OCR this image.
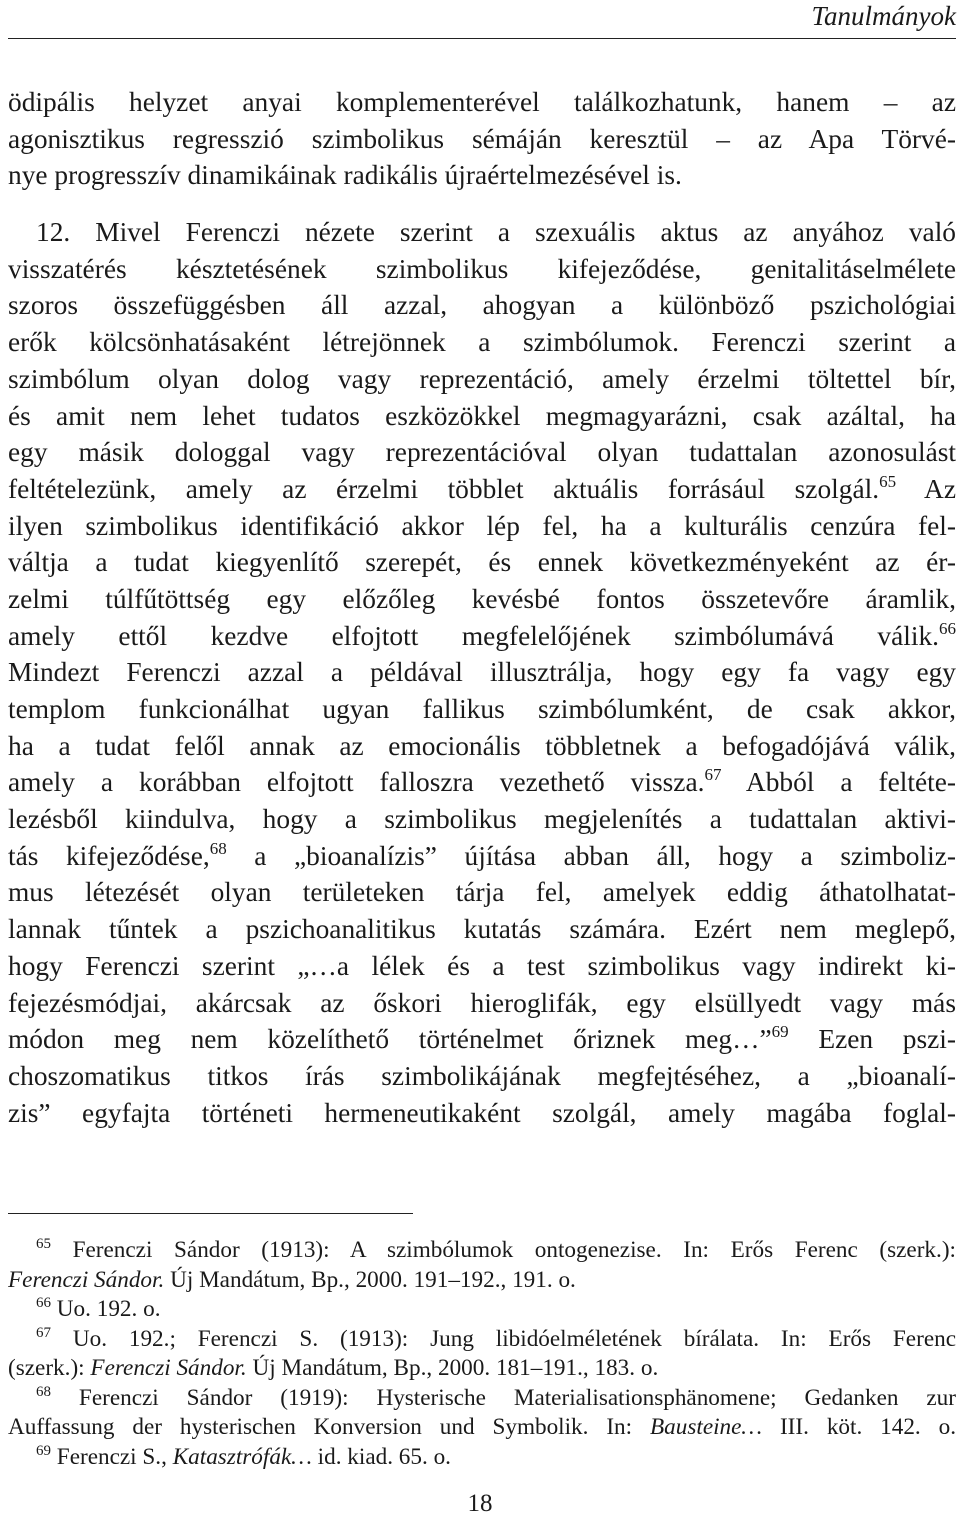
Tanulmányok
ödipális helyzet anyai komplementerével találkozhatunk, hanem – az
agonisztikus regresszió szimbolikus sémáján keresztül – az Apa Törvé-
nye progresszív dinamikáinak radikális újraértelmezésével is.
12. Mivel Ferenczi nézete szerint a szexuális aktus az anyához való
visszatérés késztetésének szimbolikus kifejeződése, genitalitáselmélete
szoros összefüggésben áll azzal, ahogyan a különböző pszichológiai
erők kölcsönhatásaként létrejönnek a szimbólumok. Ferenczi szerint a
szimbólum olyan dolog vagy reprezentáció, amely érzelmi töltettel bír,
és amit nem lehet tudatos eszközökkel megmagyarázni, csak azáltal, ha
egy másik dologgal vagy reprezentációval olyan tudattalan azonosulást
feltételezünk, amely az érzelmi többlet aktuális forrásául szolgál.$^{65}$ Az
ilyen szimbolikus identifikáció akkor lép fel, ha a kulturális cenzúra fel-
váltja a tudat kiegyenlítő szerepét, és ennek következményeként az ér-
zelmi túlfűtöttség egy előzőleg kevésbé fontos összetevőre áramlik,
amely ettől kezdve elfojtott megfelelőjének szimbólumává válik.$^{66}$
Mindezt Ferenczi azzal a példával illusztrálja, hogy egy fa vagy egy
templom funkcionálhat ugyan fallikus szimbólumként, de csak akkor,
ha a tudat felől annak az emocionális többletnek a befogadójává válik,
amely a korábban elfojtott falloszra vezethető vissza.$^{67}$ Abból a feltéte-
lezésből kiindulva, hogy a szimbolikus megjelenítés a tudattalan aktivi-
tás kifejeződése,$^{68}$ a „bioanalízis” újítása abban áll, hogy a szimboliz-
mus létezését olyan területeken tárja fel, amelyek eddig áthatolhatat-
lannak tűntek a pszichoanalitikus kutatás számára. Ezért nem meglepő,
hogy Ferenczi szerint „…a lélek és a test szimbolikus vagy indirekt ki-
fejezésmódjai, akárcsak az őskori hieroglifák, egy elsüllyedt vagy más
módon meg nem közelíthető történelmet őriznek meg…”$^{69}$ Ezen pszi-
choszomatikus titkos írás szimbolikájának megfejtéséhez, a „bioanalí-
zis” egyfajta történeti hermeneutikaként szolgál, amely magába foglal-
$^{65}$ Ferenczi Sándor (1913): A szimbólumok ontogenezise. In: Erős Ferenc (szerk.):
Ferenczi Sándor. Új Mandátum, Bp., 2000. 191–192., 191. o.
$^{66}$ Uo. 192. o.
$^{67}$ Uo. 192.; Ferenczi S. (1913): Jung libidóelméletének bírálata. In: Erős Ferenc
(szerk.): Ferenczi Sándor. Új Mandátum, Bp., 2000. 181–191., 183. o.
$^{68}$ Ferenczi Sándor (1919): Hysterische Materialisationsphänomene; Gedanken zur
Auffassung der hysterischen Konversion und Symbolik. In: Bausteine… III. köt. 142. o.
$^{69}$ Ferenczi S., Katasztrófák… id. kiad. 65. o.
18
